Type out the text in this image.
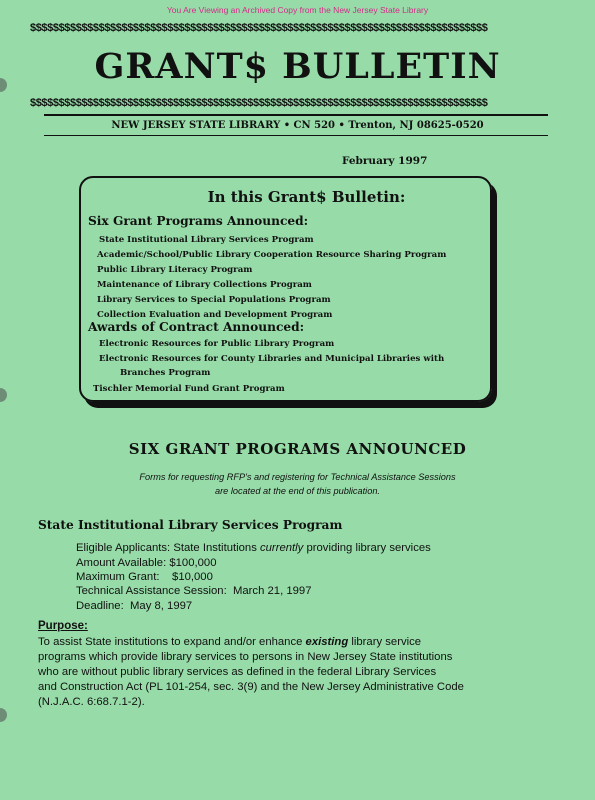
You Are Viewing an Archived Copy from the New Jersey State Library
$$$$$$$$$$$$$$$$$$$$$$$$$$$$$$$$$$$$$$$$$$$$$$$$$$$$$$$$$$$$$$$$$$$$$$$$$$$$$$$$
GRANT$ BULLETIN
$$$$$$$$$$$$$$$$$$$$$$$$$$$$$$$$$$$$$$$$$$$$$$$$$$$$$$$$$$$$$$$$$$$$$$$$$$$$$$$$
NEW JERSEY STATE LIBRARY • CN 520 • Trenton, NJ 08625-0520
February 1997
In this Grant$ Bulletin:
Six Grant Programs Announced:
State Institutional Library Services Program
Academic/School/Public Library Cooperation Resource Sharing Program
Public Library Literacy Program
Maintenance of Library Collections Program
Library Services to Special Populations Program
Collection Evaluation and Development Program
Awards of Contract Announced:
Electronic Resources for Public Library Program
Electronic Resources for County Libraries and Municipal Libraries with
Branches Program
Tischler Memorial Fund Grant Program
SIX GRANT PROGRAMS ANNOUNCED
Forms for requesting RFP's and registering for Technical Assistance Sessions
are located at the end of this publication.
State Institutional Library Services Program
Eligible Applicants: State Institutions currently providing library services
Amount Available: $100,000
Maximum Grant:    $10,000
Technical Assistance Session:  March 21, 1997
Deadline:  May 8, 1997
Purpose:
To assist State institutions to expand and/or enhance existing library service
programs which provide library services to persons in New Jersey State institutions
who are without public library services as defined in the federal Library Services
and Construction Act (PL 101-254, sec. 3(9) and the New Jersey Administrative Code
(N.J.A.C. 6:68.7.1-2).
